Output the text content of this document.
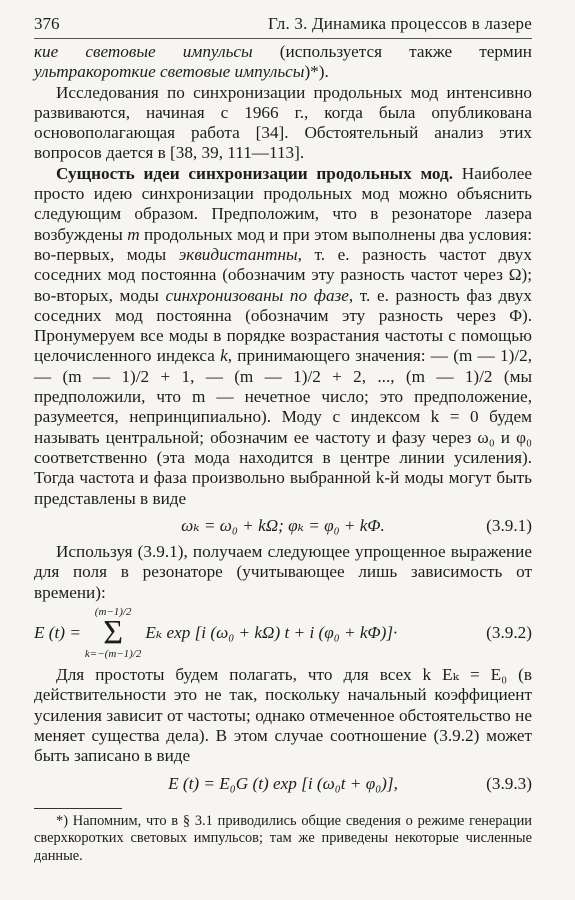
376	Гл. 3. Динамика процессов в лазере

кие световые импульсы (используется также термин ультракороткие световые импульсы)*).

Исследования по синхронизации продольных мод интенсивно развиваются, начиная с 1966 г., когда была опубликована основополагающая работа [34]. Обстоятельный анализ этих вопросов дается в [38, 39, 111—113].

Сущность идеи синхронизации продольных мод. Наиболее просто идею синхронизации продольных мод можно объяснить следующим образом. Предположим, что в резонаторе лазера возбуждены m продольных мод и при этом выполнены два условия: во-первых, моды эквидистантны, т. е. разность частот двух соседних мод постоянна (обозначим эту разность частот через Ω); во-вторых, моды синхронизованы по фазе, т. е. разность фаз двух соседних мод постоянна (обозначим эту разность через Φ). Пронумеруем все моды в порядке возрастания частоты с помощью целочисленного индекса k, принимающего значения: — (m — 1)/2, — (m — 1)/2 + 1, — (m — 1)/2 + 2, ..., (m — 1)/2 (мы предположили, что m — нечетное число; это предположение, разумеется, непринципиально). Моду с индексом k = 0 будем называть центральной; обозначим ее частоту и фазу через ω₀ и φ₀ соответственно (эта мода находится в центре линии усиления). Тогда частота и фаза произвольно выбранной k-й моды могут быть представлены в виде

ωₖ = ω₀ + kΩ; φₖ = φ₀ + kΦ.	(3.9.1)

Используя (3.9.1), получаем следующее упрощенное выражение для поля в резонаторе (учитывающее лишь зависимость от времени):

E (t) =
(m−1)/2
Σ
k=−(m−1)/2
Eₖ exp [i (ω₀ + kΩ) t + i (φ₀ + kΦ)]·	(3.9.2)

Для простоты будем полагать, что для всех k Eₖ = E₀ (в действительности это не так, поскольку начальный коэффициент усиления зависит от частоты; однако отмеченное обстоятельство не меняет существа дела). В этом случае соотношение (3.9.2) может быть записано в виде

E (t) = E₀G (t) exp [i (ω₀t + φ₀)],	(3.9.3)

*) Напомним, что в § 3.1 приводились общие сведения о режиме генерации сверхкоротких световых импульсов; там же приведены некоторые численные данные.
